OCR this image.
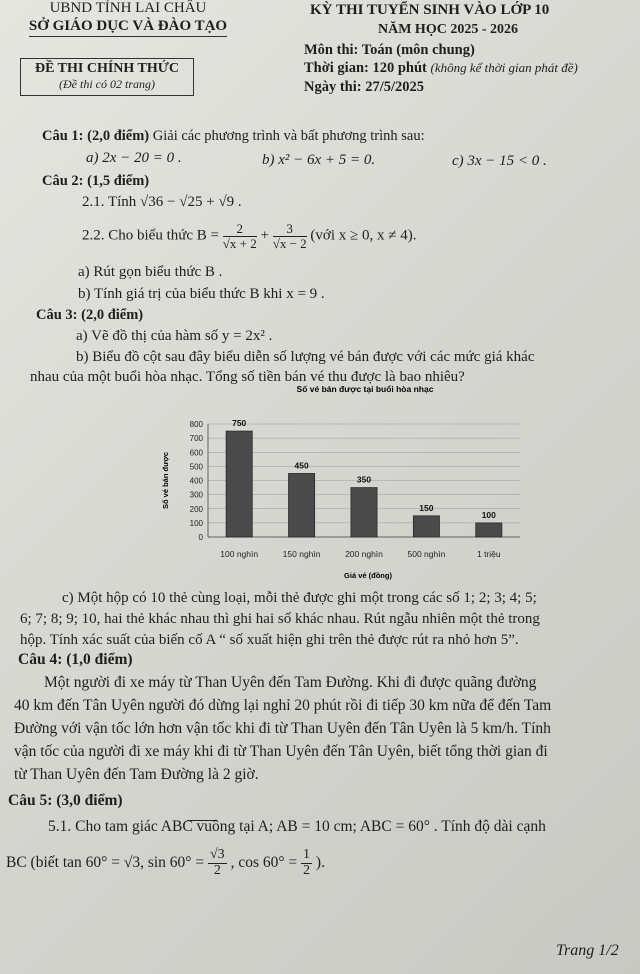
UBND TỈNH LAI CHÂU
SỞ GIÁO DỤC VÀ ĐÀO TẠO
KỲ THI TUYỂN SINH VÀO LỚP 10
NĂM HỌC 2025 - 2026
Môn thi: Toán (môn chung)
Thời gian: 120 phút (không kể thời gian phát đề)
Ngày thi: 27/5/2025
ĐỀ THI CHÍNH THỨC
(Đề thi có 02 trang)
Câu 1: (2,0 điểm) Giải các phương trình và bất phương trình sau:
a) 2x − 20 = 0 .	b) x² − 6x + 5 = 0.	c) 3x − 15 < 0 .
Câu 2: (1,5 điểm)
2.1. Tính √36 − √25 + √9 .
2.2. Cho biểu thức $B = \frac{2}{√x + 2} + \frac{3}{√x - 2}$ (với x ≥ 0, x ≠ 4).
a) Rút gọn biểu thức B .
b) Tính giá trị của biểu thức B khi x = 9 .
Câu 3: (2,0 điểm)
a) Vẽ đồ thị của hàm số y = 2x² .
b) Biểu đồ cột sau đây biểu diễn số lượng vé bán được với các mức giá khác
nhau của một buổi hòa nhạc. Tổng số tiền bán vé thu được là bao nhiêu?
Số vé bán được tại buổi hòa nhạc
0
100
200
300
400
500
600
700
800	750
450
350
150
100
100 nghìn	150 nghìn	200 nghìn	500 nghìn	1 triệu
Số vé bán được
Giá vé (đồng)
c) Một hộp có 10 thẻ cùng loại, mỗi thẻ được ghi một trong các số 1; 2; 3; 4; 5;
6; 7; 8; 9; 10, hai thẻ khác nhau thì ghi hai số khác nhau. Rút ngẫu nhiên một thẻ trong
hộp. Tính xác suất của biến cố A “ số xuất hiện ghi trên thẻ được rút ra nhỏ hơn 5”.
Câu 4: (1,0 điểm)
Một người đi xe máy từ Than Uyên đến Tam Đường. Khi đi được quãng đường
40 km đến Tân Uyên người đó dừng lại nghỉ 20 phút rồi đi tiếp 30 km nữa để đến Tam
Đường với vận tốc lớn hơn vận tốc khi đi từ Than Uyên đến Tân Uyên là 5 km/h. Tính
vận tốc của người đi xe máy khi đi từ Than Uyên đến Tân Uyên, biết tổng thời gian đi
từ Than Uyên đến Tam Đường là 2 giờ.
Câu 5: (3,0 điểm)
5.1. Cho tam giác ABC vuông tại A; AB = 10 cm; ABC = 60° . Tính độ dài cạnh
BC (biết tan 60° = √3, $\sin 60^\circ = \frac{√3}{2}$ , $\cos 60^\circ = \frac{1}{2}$ ).
Trang 1/2
